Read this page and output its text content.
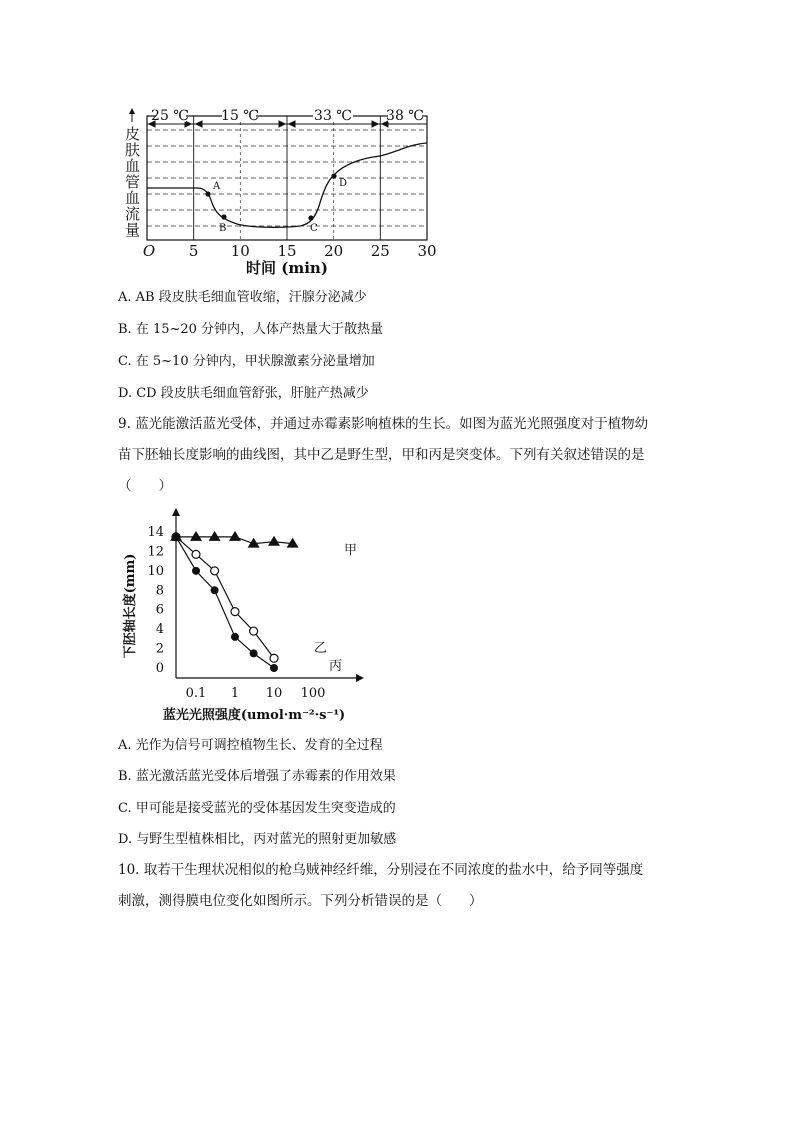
25 ℃ 15 ℃	33 ℃ 38 ℃
A
B	C
D
皮肤血管血流量
O 5 10 15 20 25 30
时间 (min)
A. AB 段皮肤毛细血管收缩，汗腺分泌减少
B. 在 15~20 分钟内，人体产热量大于散热量
C. 在 5~10 分钟内，甲状腺激素分泌量增加
D. CD 段皮肤毛细血管舒张，肝脏产热减少
9. 蓝光能激活蓝光受体，并通过赤霉素影响植株的生长。如图为蓝光光照强度对于植物幼
苗下胚轴长度影响的曲线图，其中乙是野生型，甲和丙是突变体。下列有关叙述错误的是
（　　）
14
12
10
8
6
4
2
0
0.1 1 10 100
下胚轴长度(mm)
蓝光光照强度(umol·m⁻²·s⁻¹)
甲
乙
丙
A. 光作为信号可调控植物生长、发育的全过程
B. 蓝光激活蓝光受体后增强了赤霉素的作用效果
C. 甲可能是接受蓝光的受体基因发生突变造成的
D. 与野生型植株相比，丙对蓝光的照射更加敏感
10. 取若干生理状况相似的枪乌贼神经纤维，分别浸在不同浓度的盐水中，给予同等强度
刺激，测得膜电位变化如图所示。下列分析错误的是（　　）
